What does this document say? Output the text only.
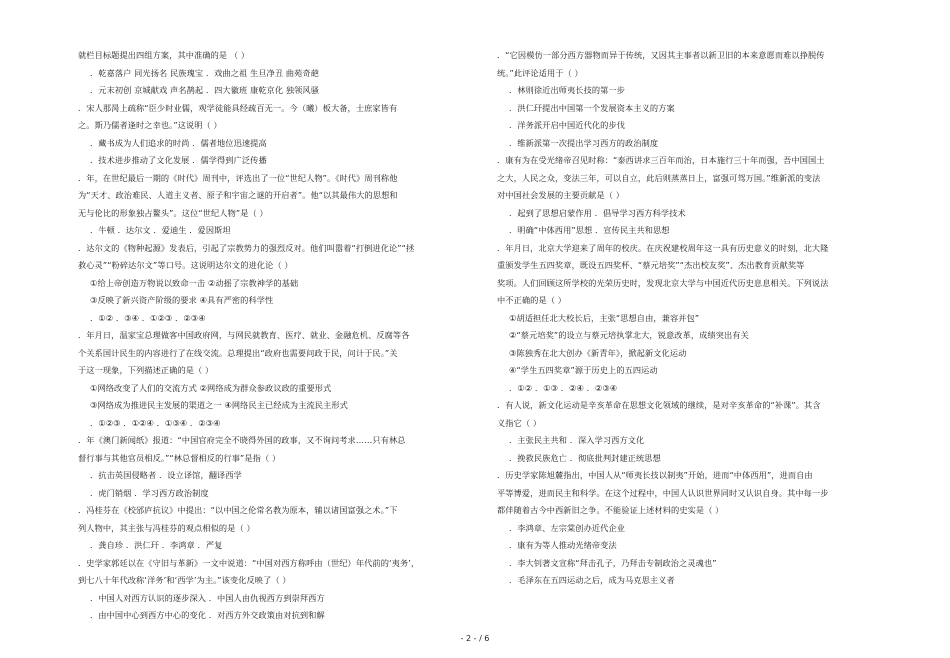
就栏目标题提出四组方案，其中准确的是 （ ）
．乾嘉落户 同光扬名 民族瑰宝 ．戏曲之祖 生旦净丑 曲苑奇葩
．元末初创 京城献戏 声名鹊起 ．四大徽班 康乾京化 独领风骚
．宋人那昺上疏称“臣少时业儒，观学徒能具经疏百无一。今（曦）板大备，士庶家皆有
之。斯乃儒者逢时之幸也。”这说明（ ）
．藏书成为人们追求的时尚 ．儒者地位迅速提高
．技术进步推动了文化发展 ．儒学得到广泛传播
．年，在世纪最后一期的《时代》周刊中，评选出了一位“世纪人物”。《时代》周刊称他
为“天才、政治难民、人道主义者、原子和宇宙之谜的开启者”。他“以其最伟大的思想和
无与伦比的形象独占鳌头”。这位“世纪人物”是（ ）
．牛顿 ．达尔文 ．爱迪生 ．爱因斯坦
．达尔文的《物种起源》发表后，引起了宗教势力的强烈反对。他们叫嚣着“打倒进化论”“拯
救心灵”“粉碎达尔文”等口号。这说明达尔文的进化论（ ）
①给上帝创造万物说以致命一击 ②动摇了宗教神学的基础
③反映了新兴资产阶级的要求 ④具有严密的科学性
．①② ．③④ ．①②③ ．②③④
．年月日，温家宝总理做客中国政府网，与网民就教育、医疗、就业、金融危机、反腐等各
个关系国计民生的内容进行了在线交流。总理提出“政府也需要问政于民，问计于民。”关
于这一现象，下列描述正确的是（ ）
①网络改变了人们的交流方式 ②网络成为群众参政议政的重要形式
③网络成为推进民主发展的渠道之一 ④网络民主已经成为主流民主形式
．①②③ ．①②④ ．①③④ ．②③④
．年《澳门新闻纸》报道：“中国官府完全不晓得外国的政事，又不询问考求……只有林总
督行事与其他官员相反。”“林总督相反的行事”是指（ ）
．抗击英国侵略者 ．设立译馆，翻译西学
．虎门销烟 ．学习西方政治制度
．冯桂芬在《校邠庐抗议》中提出：“以中国之伦常名教为原本，辅以诸国富强之术。”下
列人物中，其主张与冯桂芬的观点相似的是（ ）
．龚自珍 ．洪仁玕 ．李鸿章 ．严复
．史学家郭廷以在《守旧与革新》一文中说道：“中国对西方称呼由（世纪）年代前的‘夷务’，
到七八十年代改称‘洋务’和‘西学’为主。”该变化反映了（ ）
．中国人对西方认识的逐步深入 ．中国人由仇视西方到崇拜西方
．由中国中心到西方中心的变化 ．对西方外交政策由对抗到和解
．“它因模仿一部分西方器物而异于传统，又因其主事者以新卫旧的本来意愿而难以挣脱传
统。”此评论适用于（ ）
．林则徐近出师夷长技的第一步
．洪仁玕提出中国第一个发展资本主义的方案
．洋务派开启中国近代化的步伐
．维新派第一次提出学习西方的政治制度
．康有为在受光绪帝召见时称：“泰西讲求三百年而治，日本施行三十年而强，吾中国国土
之大，人民之众，变法三年，可以自立，此后则蒸蒸日上，富强可驾万国。”维新派的变法
对中国社会发展的主要贡献是（ ）
．起到了思想启蒙作用 ．倡导学习西方科学技术
．明确“中体西用”思想 ．宣传民主共和思想
．年月日，北京大学迎来了周年的校庆。在庆祝建校周年这一具有历史意义的时刻，北大隆
重颁发学生五四奖章，既设五四奖杯、“蔡元培奖”“杰出校友奖”、杰出教育贡献奖等
奖项。人们回顾这所学校的光荣历史时，发现北京大学与中国近代历史息息相关。下列说法
中不正确的是（ ）
①胡适担任北大校长后，主张“思想自由，兼容并包”
②“蔡元培奖”的设立与蔡元培执掌北大，锐意改革，成绩突出有关
③陈独秀在北大创办《新青年》，掀起新文化运动
④“学生五四奖章”源于历史上的五四运动
．①② ．①③ ．②④ ．②③④
．有人说，新文化运动是辛亥革命在思想文化领域的继续，是对辛亥革命的“补课”。其含
义指它（ ）
．主张民主共和 ．深入学习西方文化
．挽救民族危亡 ．彻底批判封建正统思想
．历史学家陈旭麓指出，中国人从“师夷长技以制夷”开始，进而“中体西用”，进而自由
平等博爱，进而民主和科学。在这个过程中，中国人认识世界同时又认识自身。其中每一步
都伴随着古今中西新旧之争。不能验证上述材料的史实是（ ）
．李鸿章、左宗棠创办近代企业
．康有为等人推动光绪帝变法
．李大钊著文宣称“拜击孔子，乃拜击专制政治之灵魂也”
．毛泽东在五四运动之后，成为马克思主义者
- 2 - / 6
